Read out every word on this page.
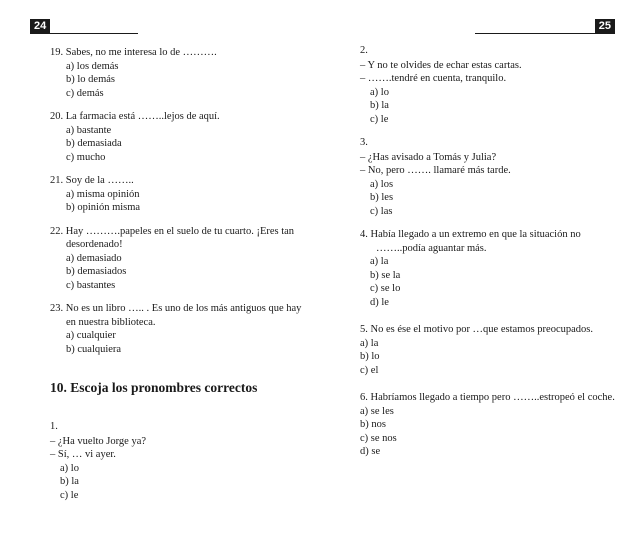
24
19. Sabes, no me interesa lo de ……….
a) los demás
b) lo demás
c) demás
20. La farmacia está ……..lejos de aquí.
a) bastante
b) demasiada
c) mucho
21. Soy de la ……..
a) misma opinión
b) opinión misma
22. Hay ……….papeles en el suelo de tu cuarto. ¡Eres tan desordenado!
a) demasiado
b) demasiados
c) bastantes
23. No es un libro ….. . Es uno de los más antiguos que hay en nuestra biblioteca.
a) cualquier
b) cualquiera
10. Escoja los pronombres correctos
1.
– ¿Ha vuelto Jorge ya?
– Sí, … vi ayer.
a) lo
b) la
c) le
25
2.
– Y no te olvides de echar estas cartas.
– …….tendré en cuenta, tranquilo.
a) lo
b) la
c) le
3.
– ¿Has avisado a Tomás y Julia?
– No, pero ……. llamaré más tarde.
a) los
b) les
c) las
4. Había llegado a un extremo en que la situación no ……..podía aguantar más.
a) la
b) se la
c) se lo
d) le
5. No es ése el motivo por …que estamos preocupados.
a) la
b) lo
c) el
6. Habríamos llegado a tiempo pero ……..estropeó el coche.
a) se les
b) nos
c) se nos
d) se
